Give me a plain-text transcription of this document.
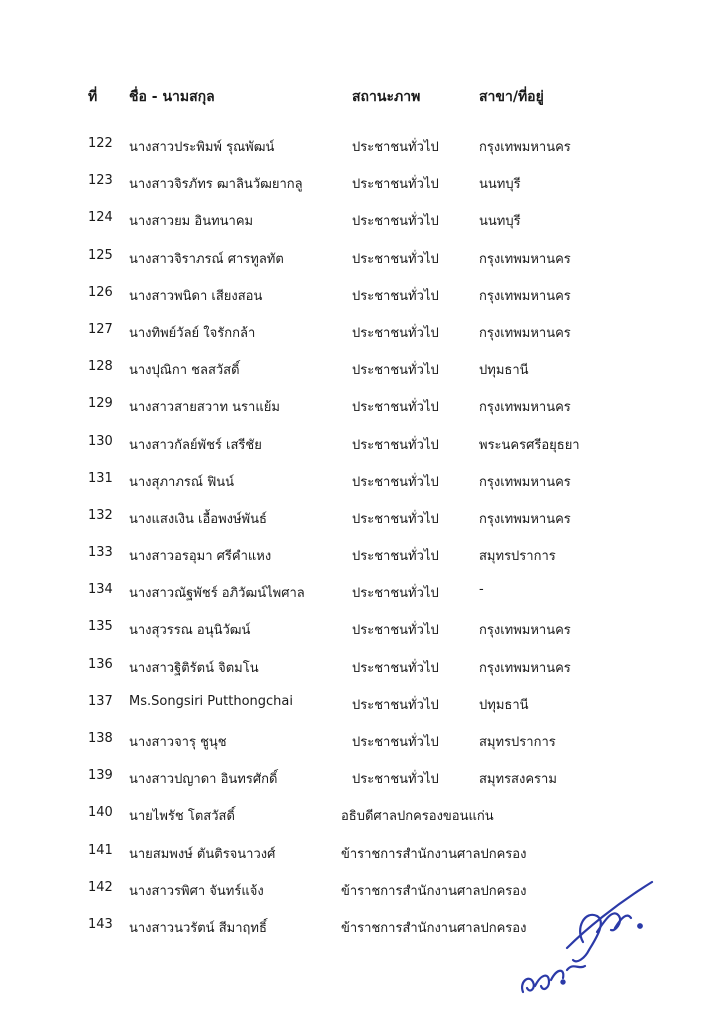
ที่ ชื่อ - นามสกุล	สถานะภาพ	สาขา/ที่อยู่
122	นางสาวประพิมพ์ รุณพัฒน์	ประชาชนทั่วไป	กรุงเทพมหานคร
123	นางสาวจิรภัทร ฒาลินวัฒยากลู	ประชาชนทั่วไป	นนทบุรี
124	นางสาวยม อินทนาคม	ประชาชนทั่วไป	นนทบุรี
125	นางสาวจิราภรณ์ ศารทูลทัต	ประชาชนทั่วไป	กรุงเทพมหานคร
126	นางสาวพนิดา เสียงสอน	ประชาชนทั่วไป	กรุงเทพมหานคร
127	นางทิพย์วัลย์ ใจรักกล้า	ประชาชนทั่วไป	กรุงเทพมหานคร
128	นางปุณิกา ชลสวัสดิ์	ประชาชนทั่วไป	ปทุมธานี
129	นางสาวสายสวาท นราแย้ม	ประชาชนทั่วไป	กรุงเทพมหานคร
130	นางสาวกัลย์พัชร์ เสรีชัย	ประชาชนทั่วไป	พระนครศรีอยุธยา
131	นางสุภาภรณ์ ฟินน์	ประชาชนทั่วไป	กรุงเทพมหานคร
132	นางแสงเงิน เอื้อพงษ์พันธ์	ประชาชนทั่วไป	กรุงเทพมหานคร
133	นางสาวอรอุมา ศรีคำแหง	ประชาชนทั่วไป	สมุทรปราการ
134	นางสาวณัฐพัชร์ อภิวัฒน์ไพศาล	ประชาชนทั่วไป	-
135	นางสุวรรณ อนุนิวัฒน์	ประชาชนทั่วไป	กรุงเทพมหานคร
136	นางสาวฐิติรัตน์ จิตมโน	ประชาชนทั่วไป	กรุงเทพมหานคร
137	Ms.Songsiri Putthongchai	ประชาชนทั่วไป	ปทุมธานี
138	นางสาวจารุ ชูนุช	ประชาชนทั่วไป	สมุทรปราการ
139	นางสาวปญาดา อินทรศักดิ์	ประชาชนทั่วไป	สมุทรสงคราม
140	นายไพรัช โตสวัสดิ์	อธิบดีศาลปกครองขอนแก่น
141	นายสมพงษ์ ตันติรจนาวงศ์	ข้าราชการสำนักงานศาลปกครอง
142	นางสาวรพิศา จันทร์แจ้ง	ข้าราชการสำนักงานศาลปกครอง
143	นางสาวนวรัตน์ สีมาฤทธิ์	ข้าราชการสำนักงานศาลปกครอง
